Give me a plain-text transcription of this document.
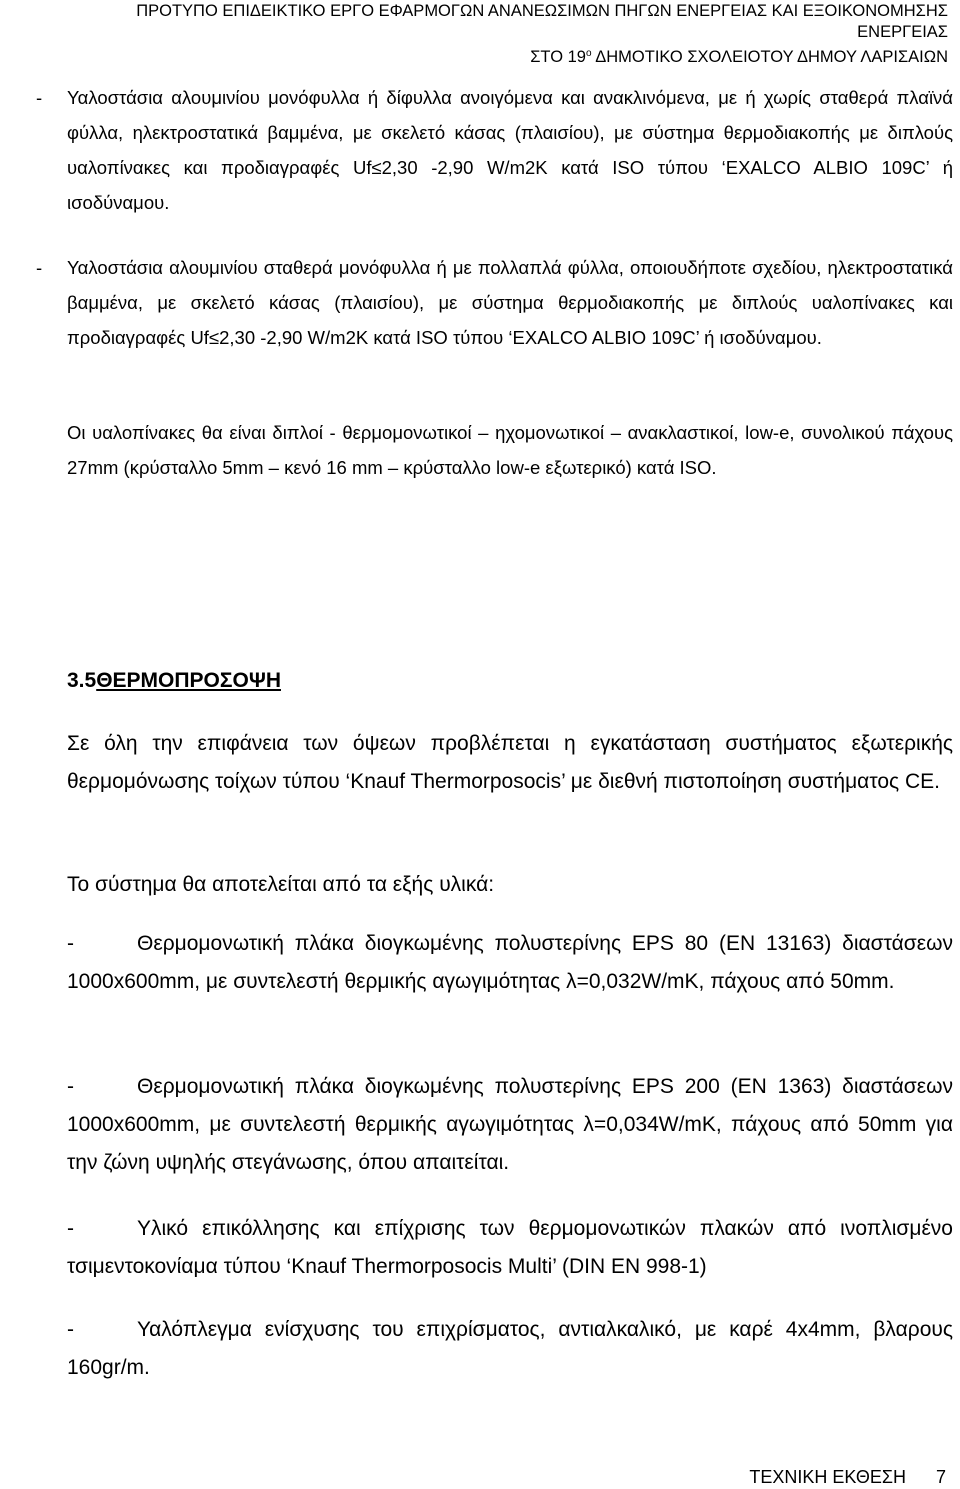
ΠΡΟΤΥΠΟ ΕΠΙΔΕΙΚΤΙΚΟ ΕΡΓΟ ΕΦΑΡΜΟΓΩΝ ΑΝΑΝΕΩΣΙΜΩΝ ΠΗΓΩΝ ΕΝΕΡΓΕΙΑΣ ΚΑΙ ΕΞΟΙΚΟΝΟΜΗΣΗΣ
ΕΝΕΡΓΕΙΑΣ
ΣΤΟ $19^o$ ΔΗΜΟΤΙΚΟ ΣΧΟΛΕΙΟΤΟΥ ΔΗΜΟΥ ΛΑΡΙΣΑΙΩΝ
- Υαλοστάσια αλουμινίου μονόφυλλα ή δίφυλλα ανοιγόμενα και ανακλινόμενα, με ή χωρίς σταθερά πλαϊνά φύλλα, ηλεκτροστατικά βαμμένα, με σκελετό κάσας (πλαισίου), με σύστημα θερμοδιακοπής με διπλούς υαλοπίνακες και προδιαγραφές Uf≤2,30 -2,90 W/m2K κατά ISO τύπου ‘EXALCO ALBIO 109C’ ή ισοδύναμου.

- Υαλοστάσια αλουμινίου σταθερά μονόφυλλα ή με πολλαπλά φύλλα, οποιουδήποτε σχεδίου, ηλεκτροστατικά βαμμένα, με σκελετό κάσας (πλαισίου), με σύστημα θερμοδιακοπής με διπλούς υαλοπίνακες και προδιαγραφές Uf≤2,30 -2,90 W/m2K κατά ISO τύπου ‘EXALCO ALBIO 109C’ ή ισοδύναμου.

Οι υαλοπίνακες θα είναι διπλοί - θερμομονωτικοί – ηχομονωτικοί – ανακλαστικοί, low-e, συνολικού πάχους 27mm (κρύσταλλο 5mm – κενό 16 mm – κρύσταλλο low-e εξωτερικό) κατά ISO.

3.5ΘΕΡΜΟΠΡΟΣΟΨΗ

Σε όλη την επιφάνεια των όψεων προβλέπεται η εγκατάσταση συστήματος εξωτερικής θερμομόνωσης τοίχων τύπου ‘Knauf Thermorposocis’ με διεθνή πιστοποίηση συστήματος CE.

Το σύστημα θα αποτελείται από τα εξής υλικά:

-	Θερμομονωτική πλάκα διογκωμένης πολυστερίνης EPS 80 (EN 13163) διαστάσεων 1000x600mm, με συντελεστή θερμικής αγωγιμότητας λ=0,032W/mK, πάχους από 50mm.

-	Θερμομονωτική πλάκα διογκωμένης πολυστερίνης EPS 200 (EN 1363) διαστάσεων 1000x600mm, με συντελεστή θερμικής αγωγιμότητας λ=0,034W/mK, πάχους από 50mm για την ζώνη υψηλής στεγάνωσης, όπου απαιτείται.

-	Υλικό επικόλλησης και επίχρισης των θερμομονωτικών πλακών από ινοπλισμένο τσιμεντοκονίαμα τύπου ‘Knauf Thermorposocis Multi’ (DIN EN 998-1)

-	Υαλόπλεγμα ενίσχυσης του επιχρίσματος, αντιαλκαλικό, με καρέ 4x4mm, βλαρους 160gr/m.

ΤΕΧΝΙΚΗ ΕΚΘΕΣΗ 7
